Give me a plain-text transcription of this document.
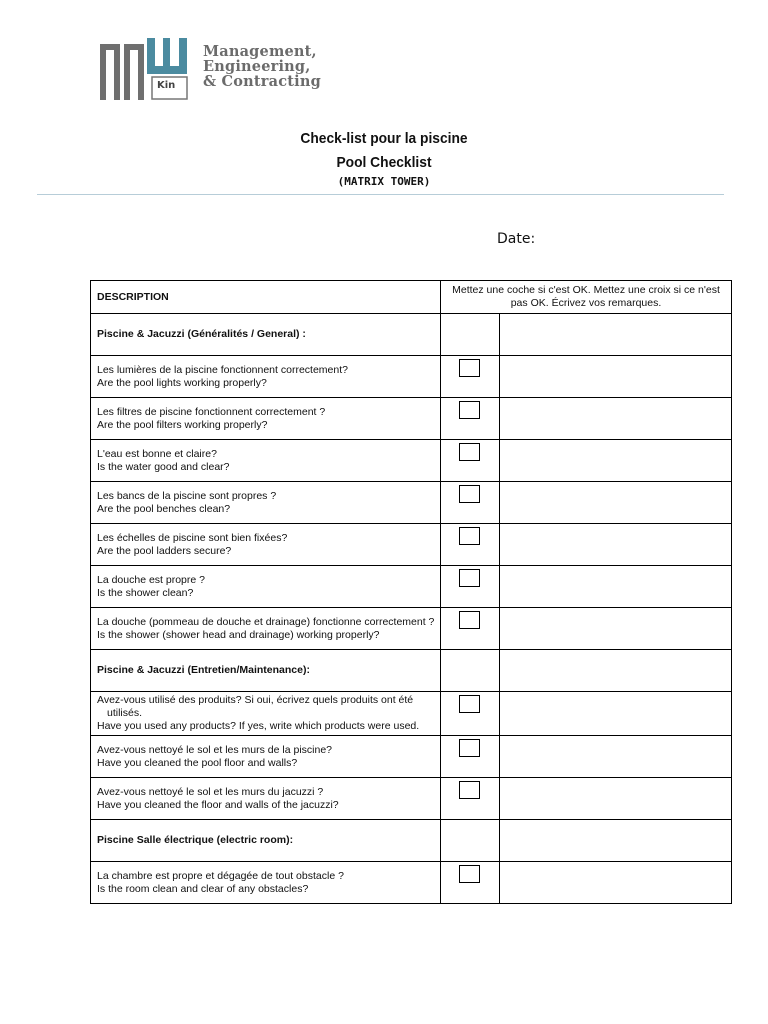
Kin
Management,
Engineering,
& Contracting
Check-list pour la piscine
Pool Checklist
(MATRIX TOWER)
Date:
DESCRIPTION	Mettez une coche si c'est OK. Mettez une croix si ce n'est pas OK. Écrivez vos remarques.	
Piscine & Jacuzzi (Généralités / General) :		

Les lumières de la piscine fonctionnent correctement?
Are the pool lights working properly?		

Les filtres de piscine fonctionnent correctement ?
Are the pool filters working properly?		

L'eau est bonne et claire?
Is the water good and clear?		

Les bancs de la piscine sont propres ?
Are the pool benches clean?		

Les échelles de piscine sont bien fixées?
Are the pool ladders secure?		

La douche est propre ?
Is the shower clean?		

La douche (pommeau de douche et drainage) fonctionne correctement ?
Is the shower (shower head and drainage) working properly?		

Piscine & Jacuzzi (Entretien/Maintenance):		

Avez-vous utilisé des produits? Si oui, écrivez quels produits ont été
utilisés.
Have you used any products? If yes, write which products were used.		

Avez-vous nettoyé le sol et les murs de la piscine?
Have you cleaned the pool floor and walls?		

Avez-vous nettoyé le sol et les murs du jacuzzi ?
Have you cleaned the floor and walls of the jacuzzi?		

Piscine Salle électrique (electric room):		

La chambre est propre et dégagée de tout obstacle ?
Is the room clean and clear of any obstacles?		
